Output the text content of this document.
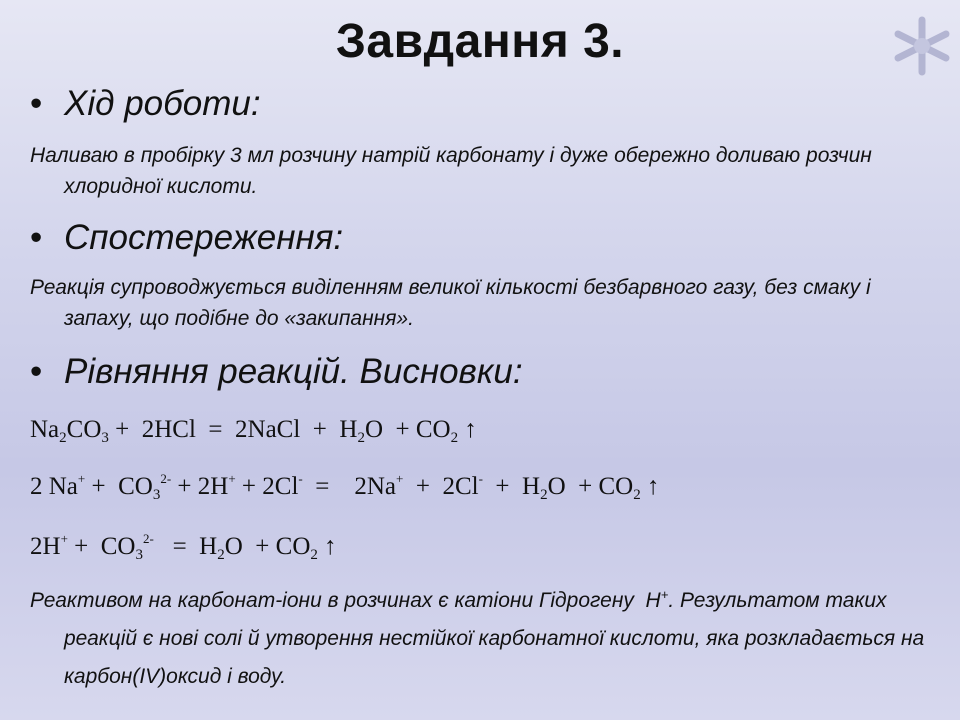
Завдання 3.
• Хід роботи:
Наливаю в пробірку 3 мл розчину натрій карбонату і дуже обережно доливаю розчин хлоридної кислоти.
• Спостереження:
Реакція супроводжується виділенням великої кількості безбарвного газу, без смаку і запаху, що подібне до «закипання».
• Рівняння реакцій. Висновки:
$Na_2CO_3 + 2HCl$  =  2NaCl  +  $H_2O + CO_2$ ↑
2 $Na^+ + CO_3^{2-} + 2H^+ + 2Cl^-$  =    $2Na^+ + 2Cl^- + H_2O + CO_2$ ↑
$2H^+ + CO_3^{2-} = H_2O + CO_2$ ↑
Реактивом на карбонат-іони в розчинах є катіони Гідрогену  H+. Результатом таких реакцій є нові солі й утворення нестійкої карбонатної кислоти, яка розкладається на карбон(IV)оксид і воду.
